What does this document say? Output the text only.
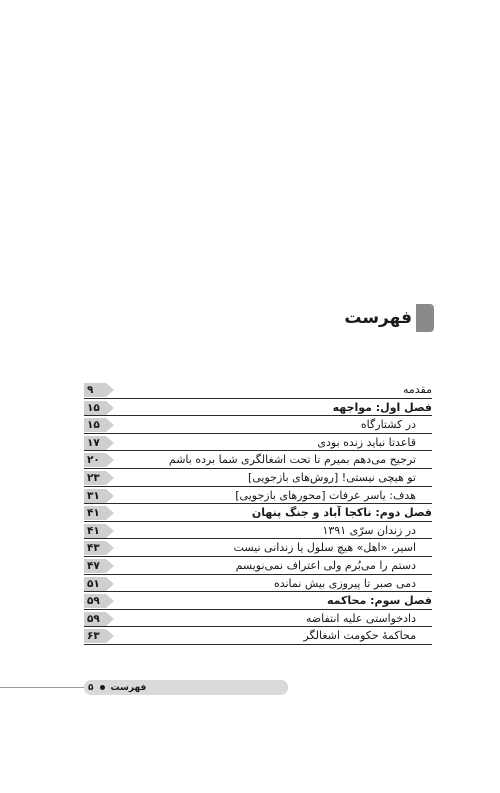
فهرست
۹	مقدمه
۱۵	فصل اول: مواجهه
۱۵	در کشتارگاه
۱۷	قاعدتا نباید زنده بودی
۲۰	ترجیح می‌دهم بمیرم تا تحت اشغالگری شما برده باشم
۲۳	تو هیچی نیستی! [روش‌های بازجویی]
۳۱	هدف: یاسر عرفات [محورهای بازجویی]
۴۱	فصل دوم: ناکجا آباد و جنگ پنهان
۴۱	در زندان سرّی ۱۳۹۱
۴۳	اسیر، «اهل» هیچ سلول یا زندانی نیست
۴۷	دستم را می‌بُرم ولی اعتراف نمی‌نویسم
۵۱	دمی صبر تا پیروزی بیش نمانده
۵۹	فصل سوم: محاکمه
۵۹	دادخواستی علیه انتفاضه
۶۳	محاکمهٔ حکومت اشغالگر
فهرست
۵
